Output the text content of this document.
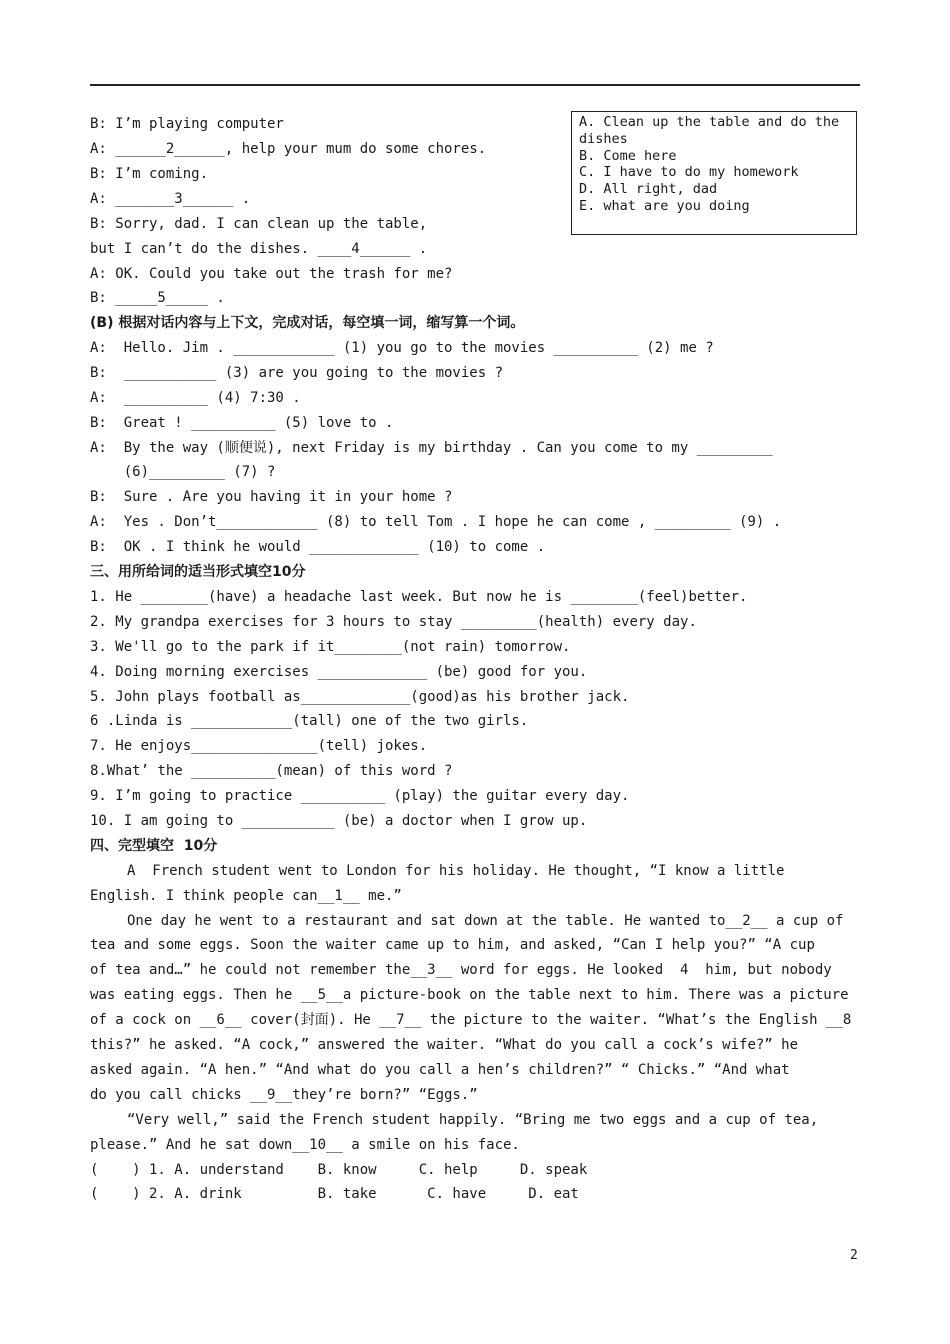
A. Clean up the table and do the dishes
B. Come here
C. I have to do my homework
D. All right, dad
E. what are you doing
B: I’m playing computer
A: ______2______, help your mum do some chores.
B: I’m coming.
A: _______3______ .
B: Sorry, dad. I can clean up the table,
but I can’t do the dishes. ____4______ .
A: OK. Could you take out the trash for me?
B: _____5_____ .
(B) 根据对话内容与上下文，完成对话，每空填一词，缩写算一个词。
A:  Hello. Jim . ____________ (1) you go to the movies __________ (2) me ?
B:  ___________ (3) are you going to the movies ?
A:  __________ (4) 7:30 .
B:  Great ! __________ (5) love to .
A:  By the way (顺便说), next Friday is my birthday . Can you come to my _________
(6)_________ (7) ?
B:  Sure . Are you having it in your home ?
A:  Yes . Don’t____________ (8) to tell Tom . I hope he can come , _________ (9) .
B:  OK . I think he would _____________ (10) to come .
三、用所给词的适当形式填空10分
1. He ________(have) a headache last week. But now he is ________(feel)better.
2. My grandpa exercises for 3 hours to stay _________(health) every day.
3. We'll go to the park if it________(not rain) tomorrow.
4. Doing morning exercises _____________ (be) good for you.
5. John plays football as_____________(good)as his brother jack.
6 .Linda is ____________(tall) one of the two girls.
7. He enjoys_______________(tell) jokes.
8.What’ the __________(mean) of this word ?
9. I’m going to practice __________ (play) the guitar every day.
10. I am going to ___________ (be) a doctor when I grow up.
四、完型填空  10分
A  French student went to London for his holiday. He thought, “I know a little
English. I think people can__1__ me.”
One day he went to a restaurant and sat down at the table. He wanted to__2__ a cup of
tea and some eggs. Soon the waiter came up to him, and asked, “Can I help you?” “A cup
of tea and…” he could not remember the__3__ word for eggs. He looked  4  him, but nobody
was eating eggs. Then he __5__a picture-book on the table next to him. There was a picture
of a cock on __6__ cover(封面). He __7__ the picture to the waiter. “What’s the English __8
this?” he asked. “A cock,” answered the waiter. “What do you call a cock’s wife?” he
asked again. “A hen.” “And what do you call a hen’s children?” “ Chicks.” “And what
do you call chicks __9__they’re born?” “Eggs.”
“Very well,” said the French student happily. “Bring me two eggs and a cup of tea,
please.” And he sat down__10__ a smile on his face.
(    ) 1. A. understand    B. know     C. help     D. speak
(    ) 2. A. drink         B. take      C. have     D. eat
2
